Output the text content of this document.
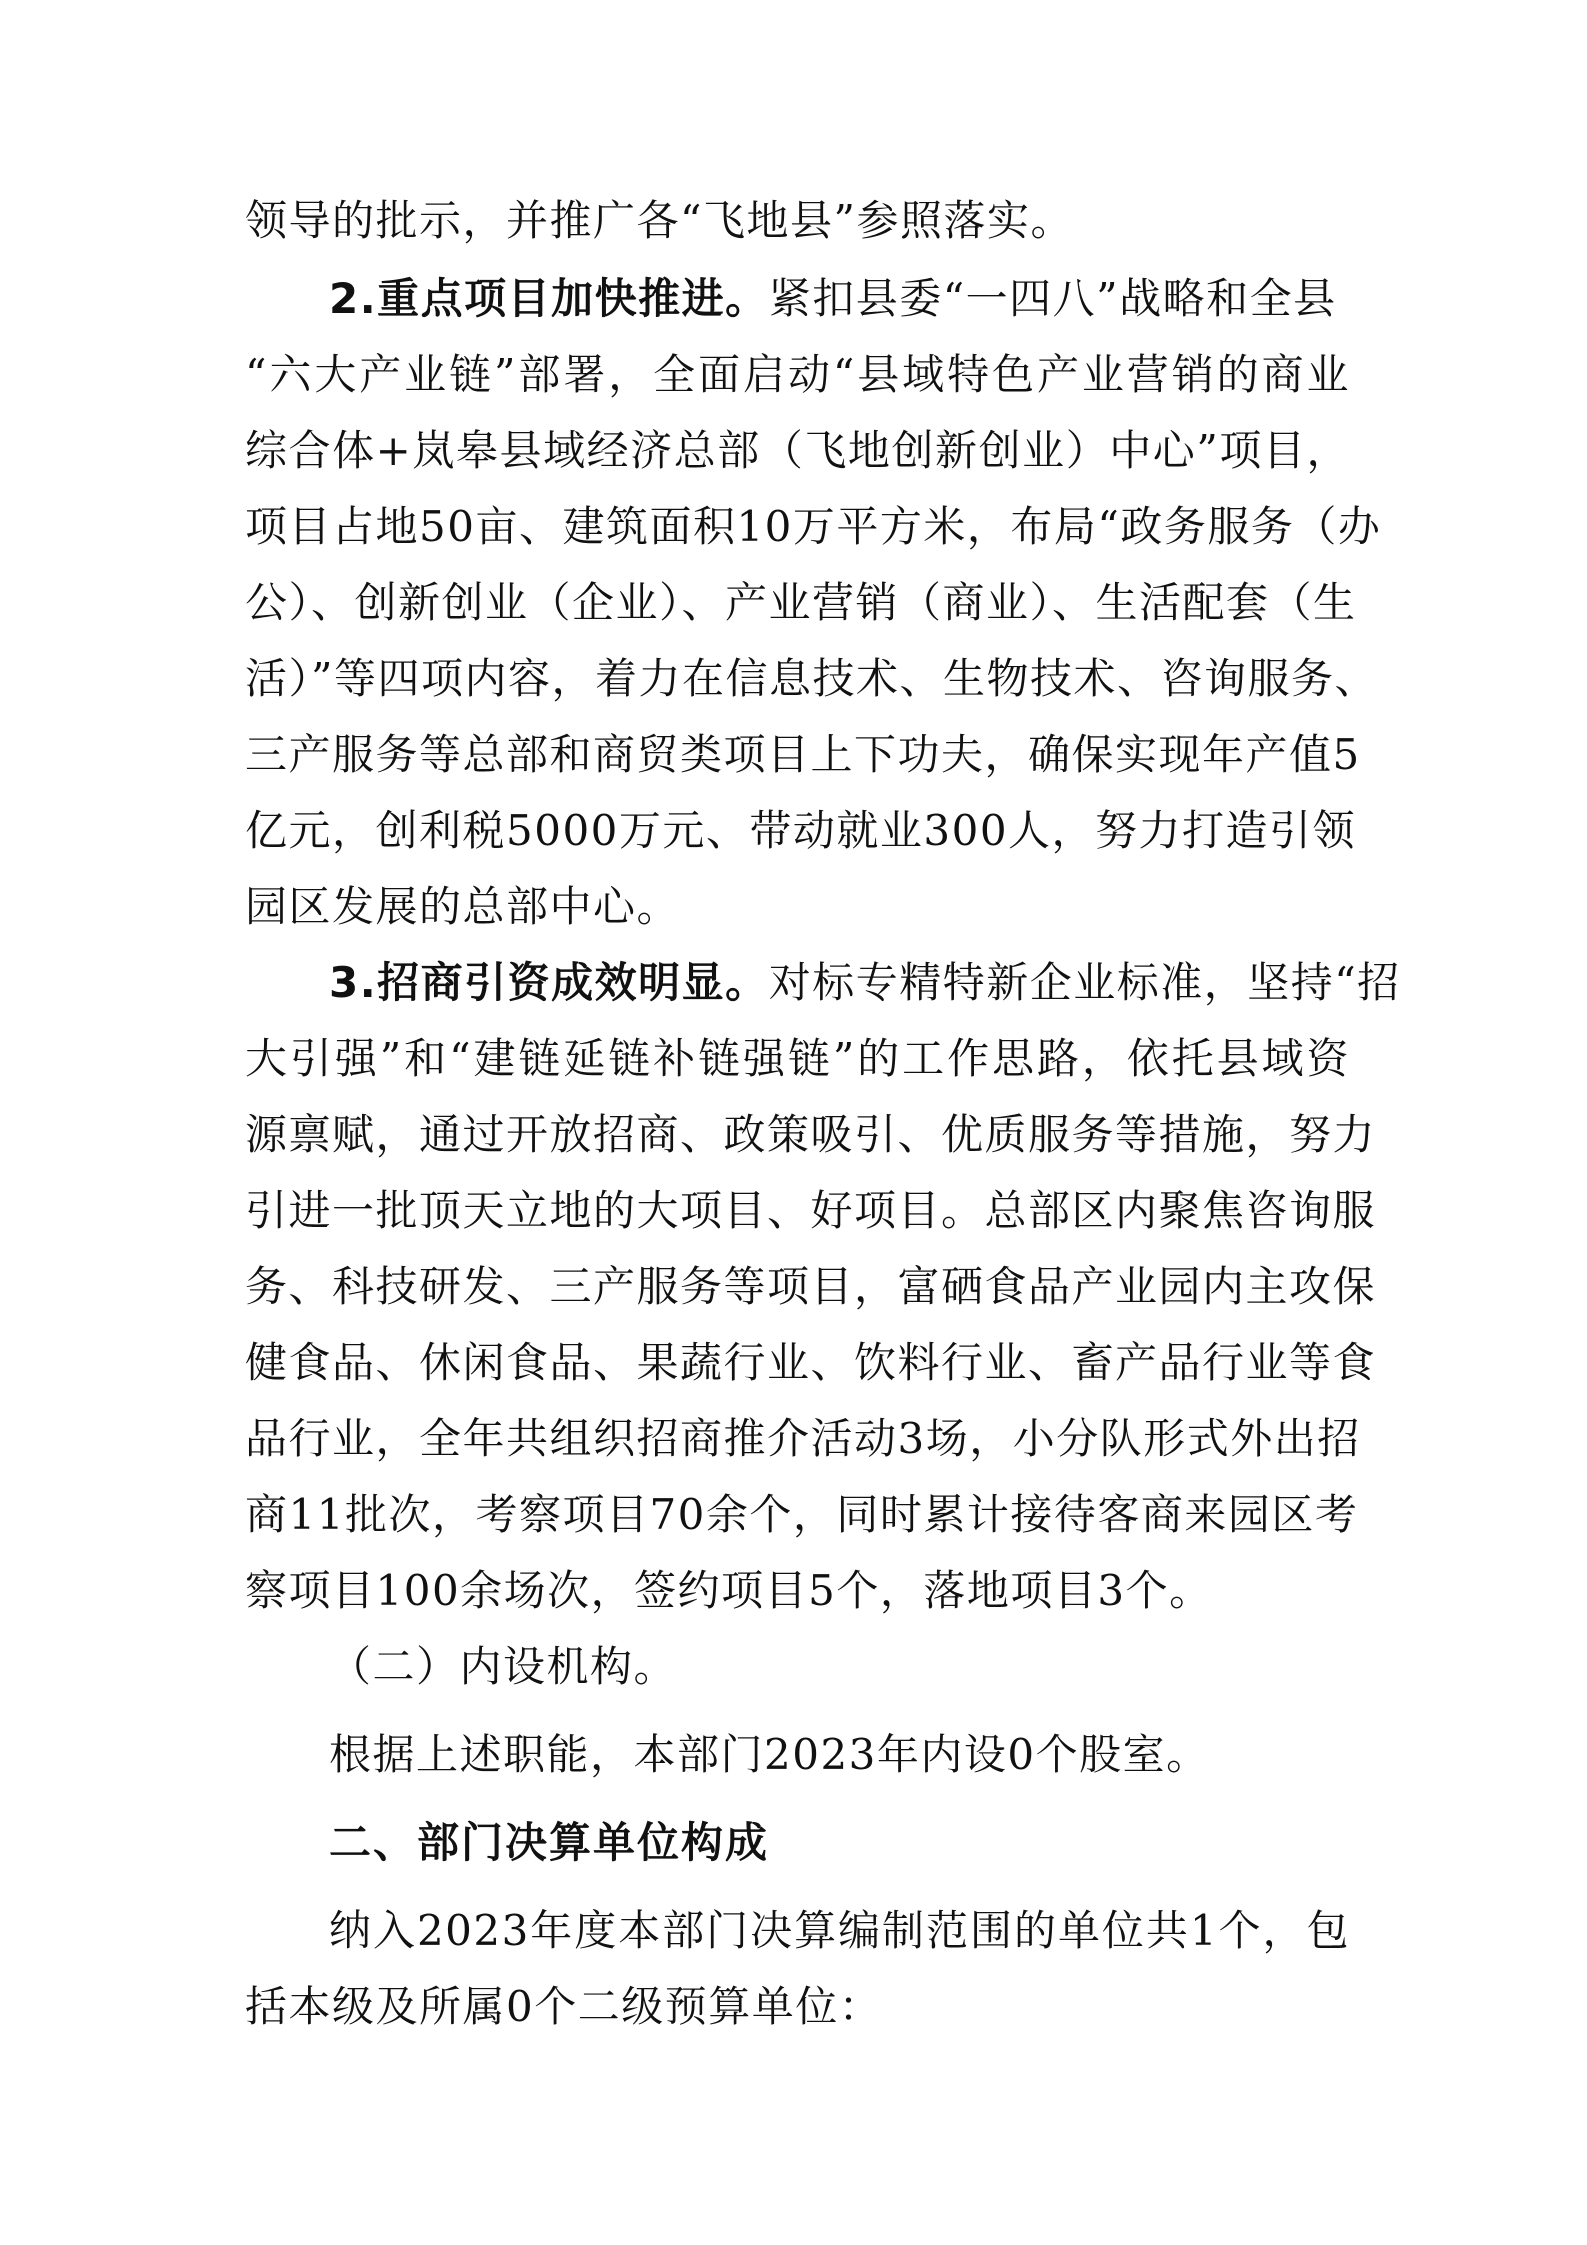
领导的批示，并推广各“飞地县”参照落实。
2.重点项目加快推进。紧扣县委“一四八”战略和全县
“六大产业链”部署，全面启动“县域特色产业营销的商业
综合体+岚皋县域经济总部（飞地创新创业）中心”项目，
项目占地50亩、建筑面积10万平方米，布局“政务服务（办
公）、创新创业（企业）、产业营销（商业）、生活配套（生
活）”等四项内容，着力在信息技术、生物技术、咨询服务、
三产服务等总部和商贸类项目上下功夫，确保实现年产值5
亿元，创利税5000万元、带动就业300人，努力打造引领
园区发展的总部中心。
3.招商引资成效明显。对标专精特新企业标准，坚持“招
大引强”和“建链延链补链强链”的工作思路，依托县域资
源禀赋，通过开放招商、政策吸引、优质服务等措施，努力
引进一批顶天立地的大项目、好项目。总部区内聚焦咨询服
务、科技研发、三产服务等项目，富硒食品产业园内主攻保
健食品、休闲食品、果蔬行业、饮料行业、畜产品行业等食
品行业，全年共组织招商推介活动3场，小分队形式外出招
商11批次，考察项目70余个，同时累计接待客商来园区考
察项目100余场次，签约项目5个，落地项目3个。
（二）内设机构。
根据上述职能，本部门2023年内设0个股室。
二、部门决算单位构成
纳入2023年度本部门决算编制范围的单位共1个，包
括本级及所属0个二级预算单位：
